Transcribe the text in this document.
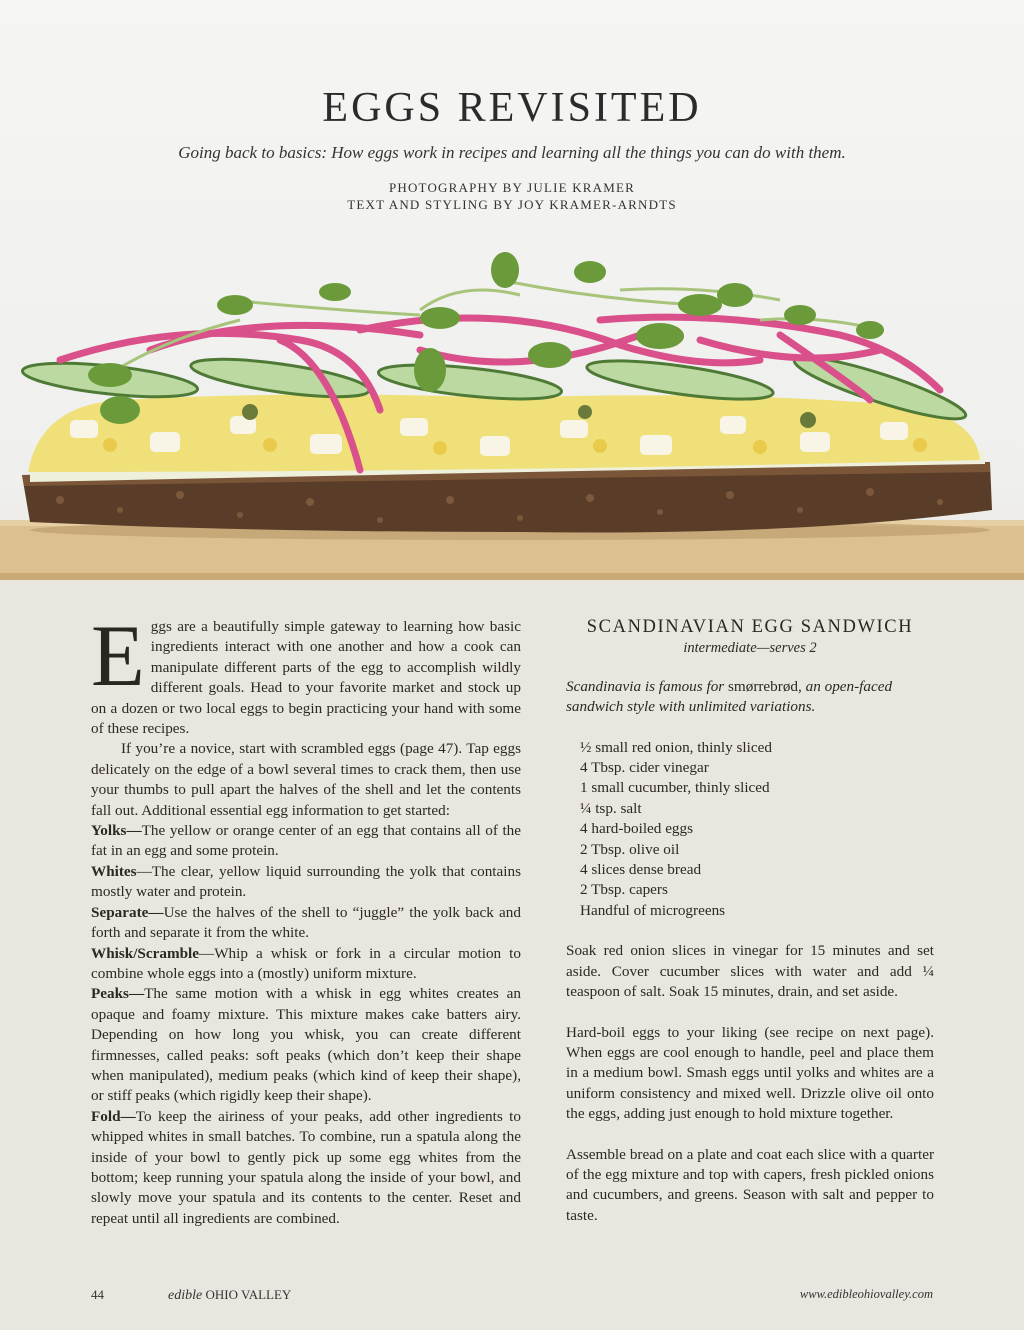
EGGS REVISITED
Going back to basics: How eggs work in recipes and learning all the things you can do with them.
PHOTOGRAPHY BY JULIE KRAMER
TEXT AND STYLING BY JOY KRAMER-ARNDTS

Eggs are a beautifully simple gateway to learning how basic ingredients interact with one another and how a cook can manipulate different parts of the egg to accomplish wildly different goals. Head to your favorite market and stock up on a dozen or two local eggs to begin practicing your hand with some of these recipes.

If you’re a novice, start with scrambled eggs (page 47). Tap eggs delicately on the edge of a bowl several times to crack them, then use your thumbs to pull apart the halves of the shell and let the contents fall out. Additional essential egg information to get started:

Yolks—The yellow or orange center of an egg that contains all of the fat in an egg and some protein.

Whites—The clear, yellow liquid surrounding the yolk that contains mostly water and protein.

Separate—Use the halves of the shell to “juggle” the yolk back and forth and separate it from the white.

Whisk/Scramble—Whip a whisk or fork in a circular motion to combine whole eggs into a (mostly) uniform mixture.

Peaks—The same motion with a whisk in egg whites creates an opaque and foamy mixture. This mixture makes cake batters airy. Depending on how long you whisk, you can create different firmnesses, called peaks: soft peaks (which don’t keep their shape when manipulated), medium peaks (which kind of keep their shape), or stiff peaks (which rigidly keep their shape).

Fold—To keep the airiness of your peaks, add other ingredients to whipped whites in small batches. To combine, run a spatula along the inside of your bowl to gently pick up some egg whites from the bottom; keep running your spatula along the inside of your bowl, and slowly move your spatula and its contents to the center. Reset and repeat until all ingredients are combined.

SCANDINAVIAN EGG SANDWICH
intermediate—serves 2
Scandinavia is famous for smørrebrød, an open-faced sandwich style with unlimited variations.
½ small red onion, thinly sliced
4 Tbsp. cider vinegar
1 small cucumber, thinly sliced
¼ tsp. salt
4 hard-boiled eggs
2 Tbsp. olive oil
4 slices dense bread
2 Tbsp. capers
Handful of microgreens

Soak red onion slices in vinegar for 15 minutes and set aside. Cover cucumber slices with water and add ¼ teaspoon of salt. Soak 15 minutes, drain, and set aside.

Hard-boil eggs to your liking (see recipe on next page). When eggs are cool enough to handle, peel and place them in a medium bowl. Smash eggs until yolks and whites are a uniform consistency and mixed well. Drizzle olive oil onto the eggs, adding just enough to hold mixture together.

Assemble bread on a plate and coat each slice with a quarter of the egg mixture and top with capers, fresh pickled onions and cucumbers, and greens. Season with salt and pepper to taste.

44	edible OHIO VALLEY	www.edibleohiovalley.com
